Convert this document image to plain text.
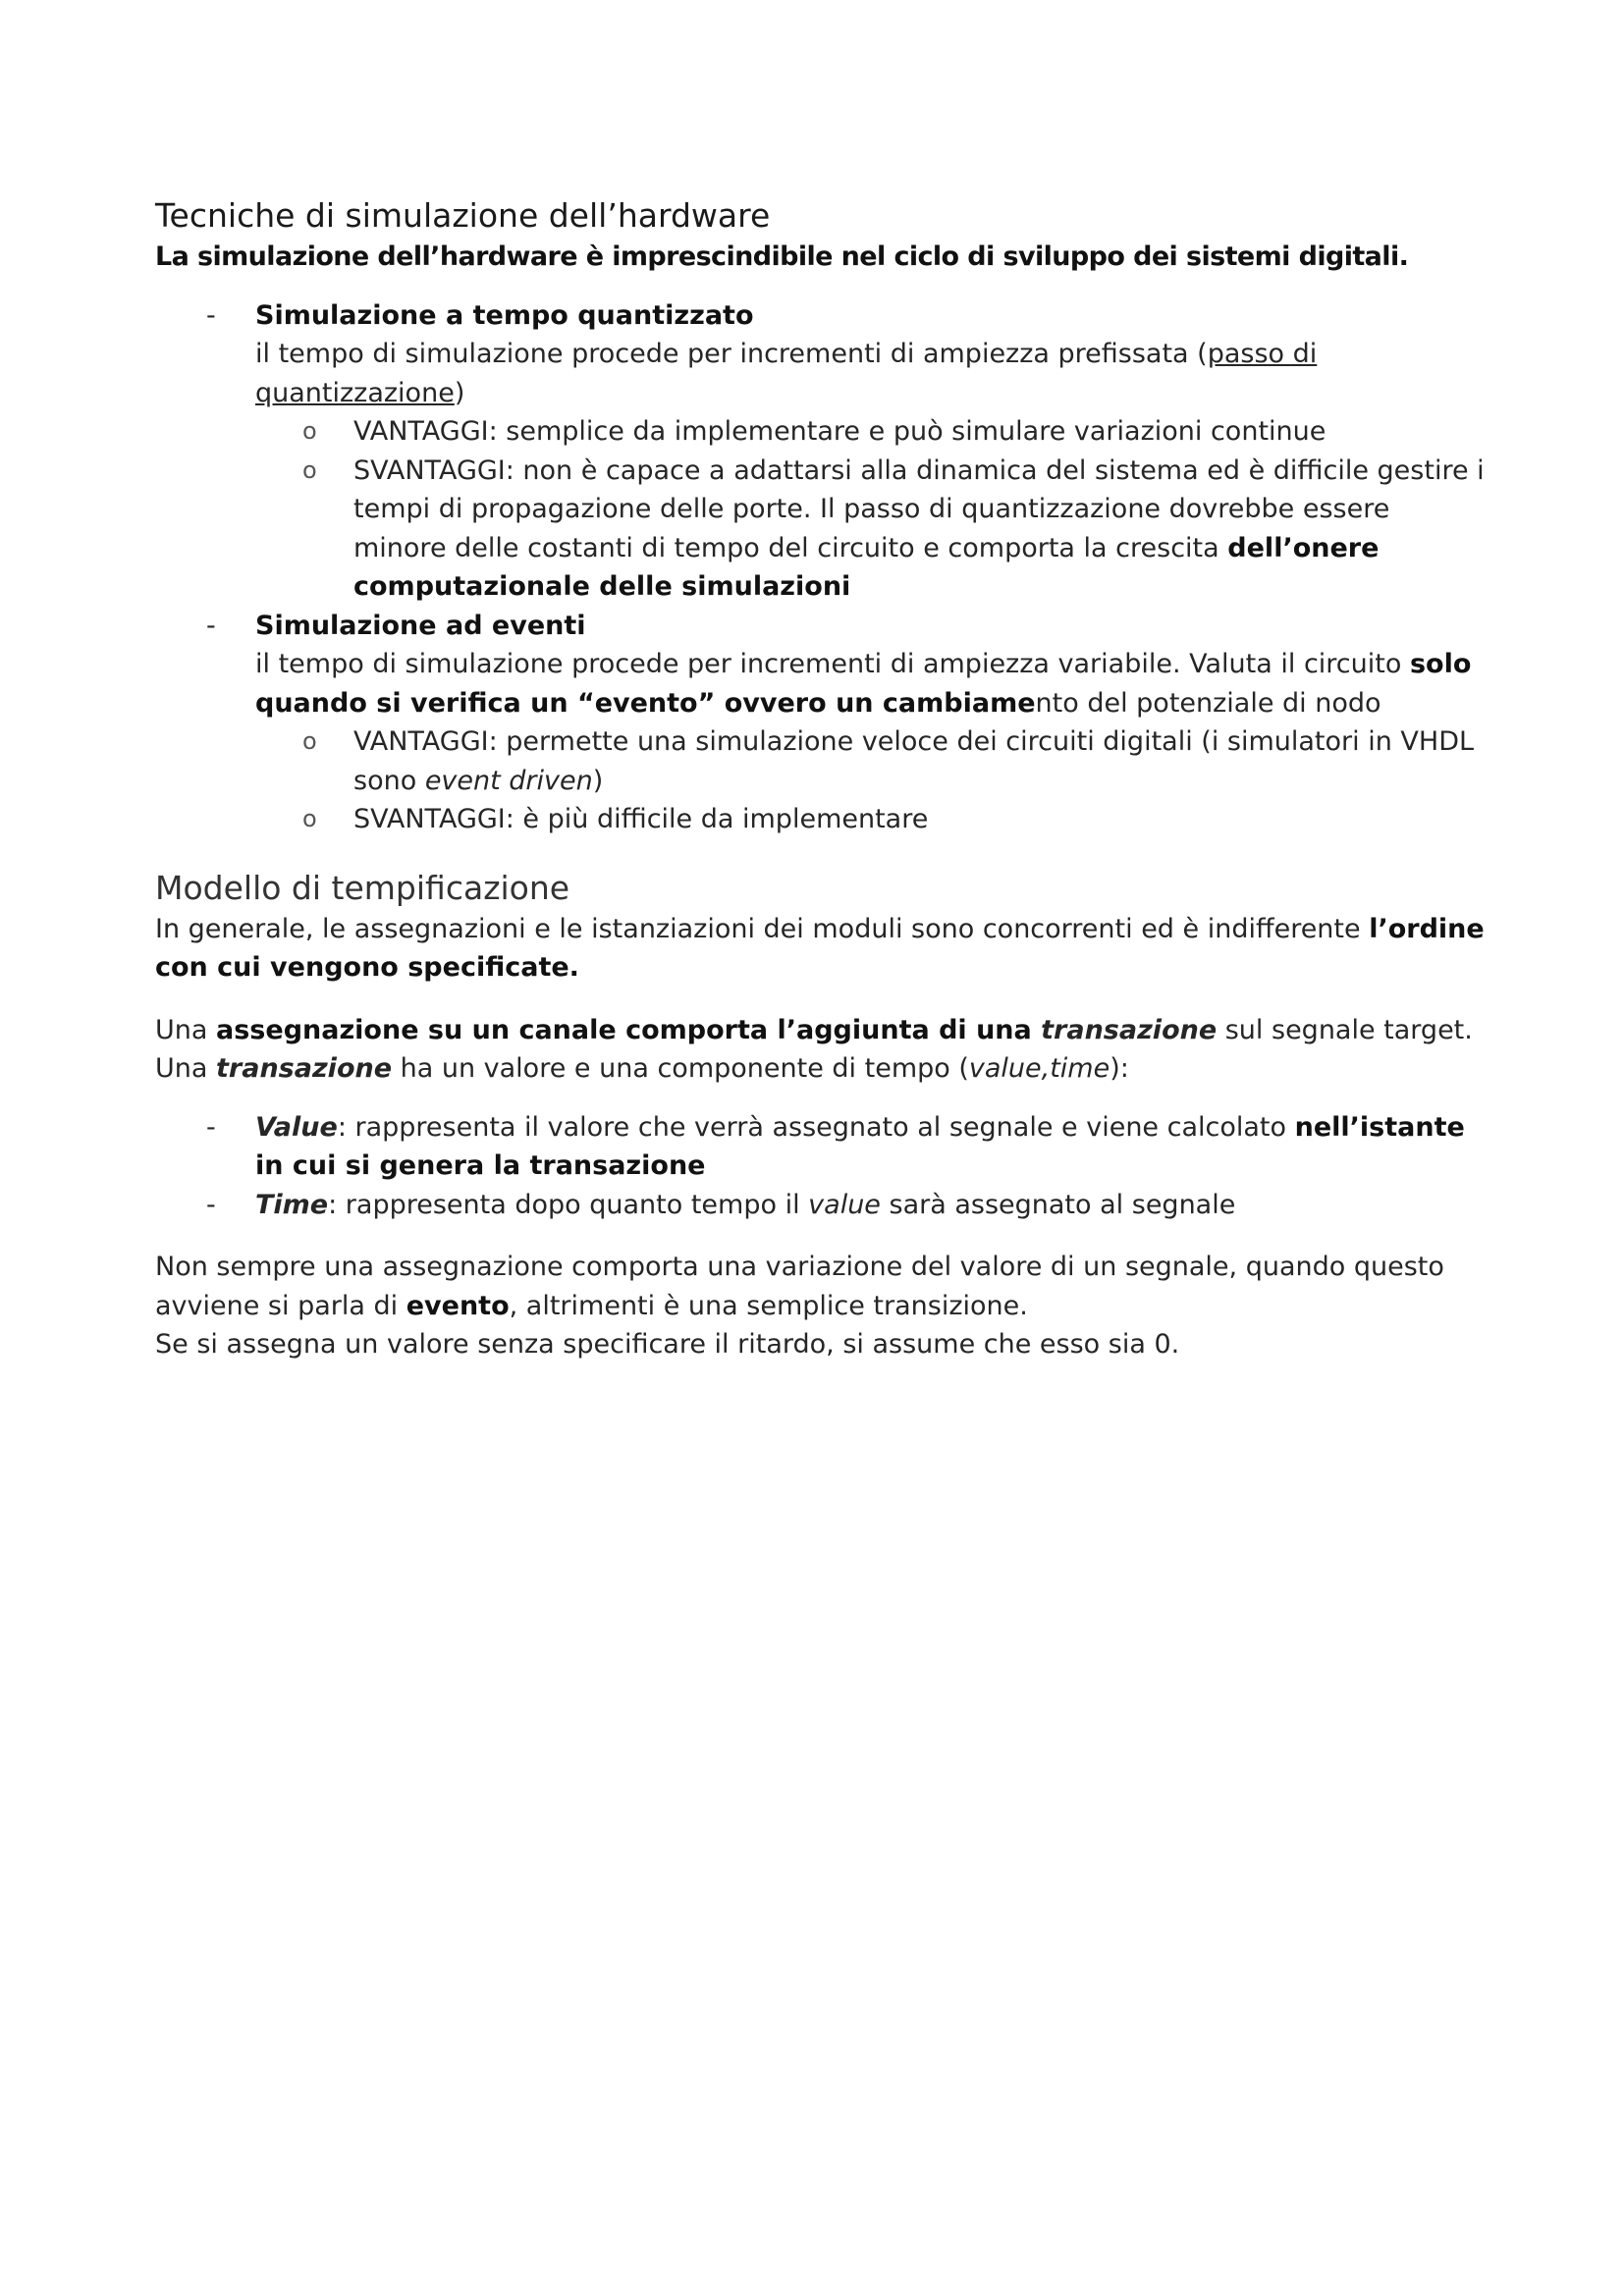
Tecniche di simulazione dell’hardware

La simulazione dell’hardware è imprescindibile nel ciclo di sviluppo dei sistemi digitali.

- Simulazione a tempo quantizzato
il tempo di simulazione procede per incrementi di ampiezza prefissata (passo di quantizzazione)
o VANTAGGI: semplice da implementare e può simulare variazioni continue
o SVANTAGGI: non è capace a adattarsi alla dinamica del sistema ed è difficile gestire i tempi di propagazione delle porte. Il passo di quantizzazione dovrebbe essere minore delle costanti di tempo del circuito e comporta la crescita dell’onere computazionale delle simulazioni
- Simulazione ad eventi
il tempo di simulazione procede per incrementi di ampiezza variabile. Valuta il circuito solo quando si verifica un “evento” ovvero un cambiamento del potenziale di nodo
o VANTAGGI: permette una simulazione veloce dei circuiti digitali (i simulatori in VHDL sono event driven)
o SVANTAGGI: è più difficile da implementare
Modello di tempificazione

In generale, le assegnazioni e le istanziazioni dei moduli sono concorrenti ed è indifferente l’ordine con cui vengono specificate.

Una assegnazione su un canale comporta l’aggiunta di una transazione sul segnale target.
Una transazione ha un valore e una componente di tempo (value,time):

- Value: rappresenta il valore che verrà assegnato al segnale e viene calcolato nell’istante in cui si genera la transazione
- Time: rappresenta dopo quanto tempo il value sarà assegnato al segnale

Non sempre una assegnazione comporta una variazione del valore di un segnale, quando questo avviene si parla di evento, altrimenti è una semplice transizione.
Se si assegna un valore senza specificare il ritardo, si assume che esso sia 0.
